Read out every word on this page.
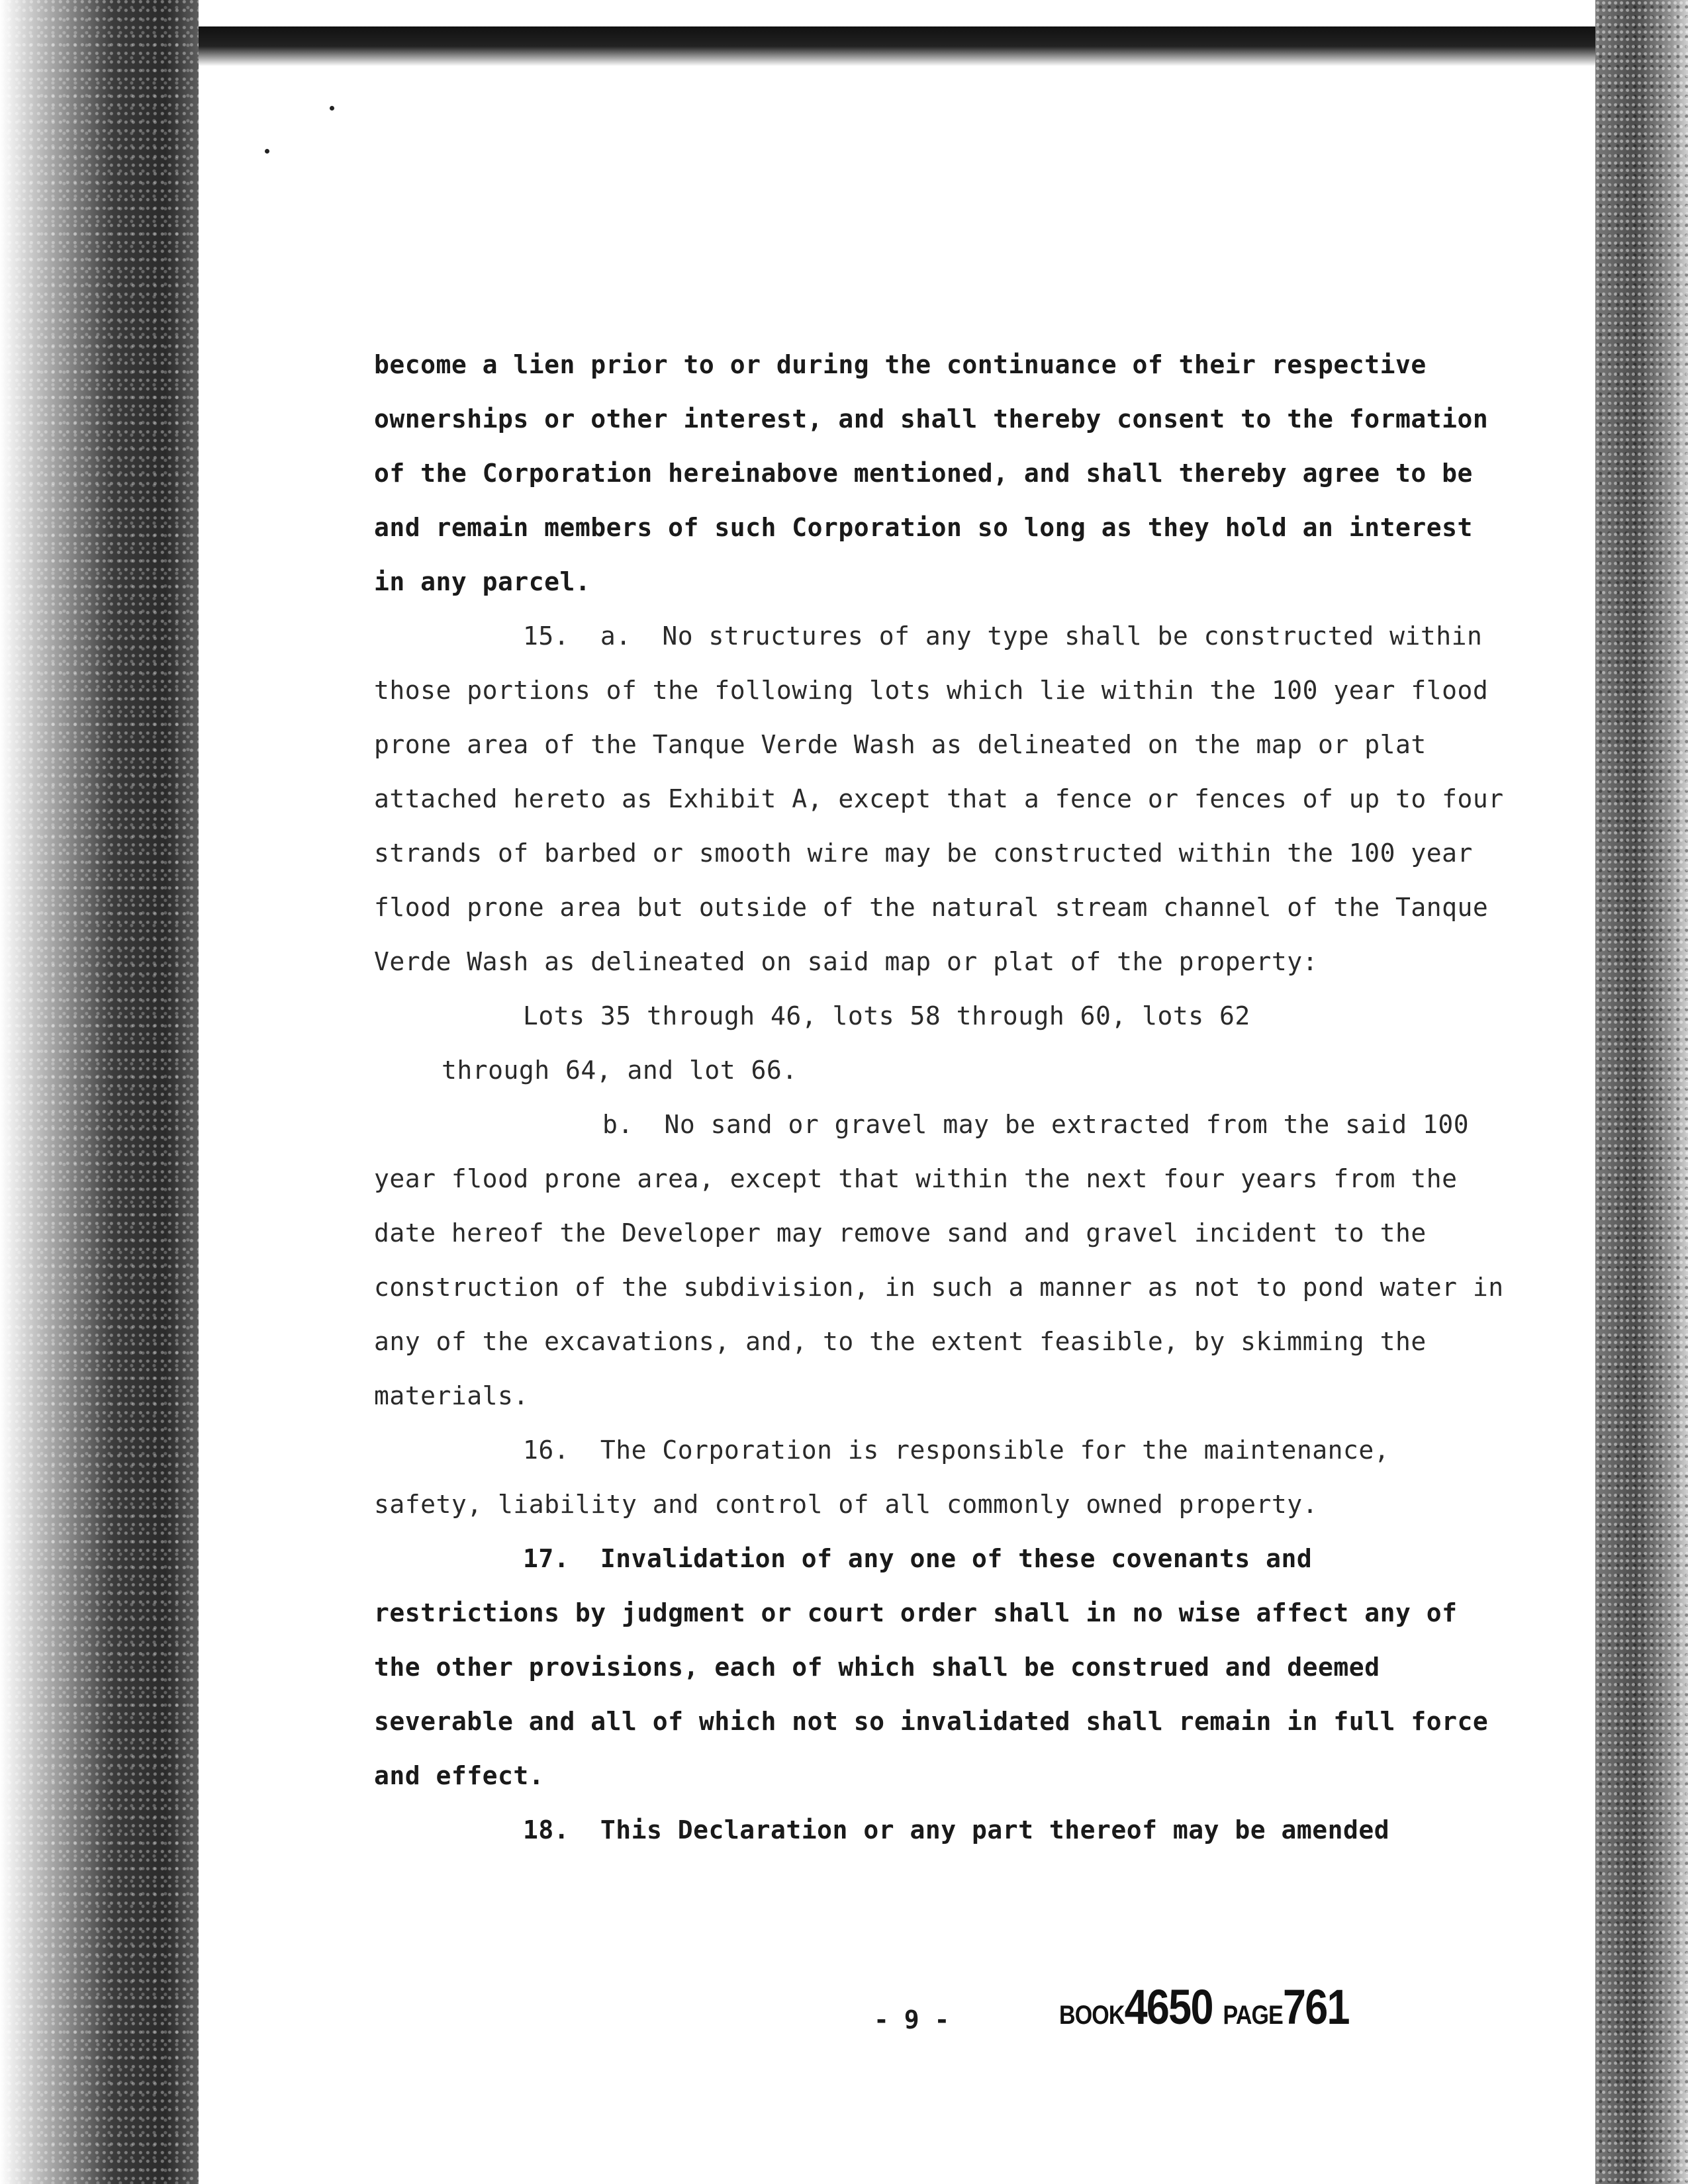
become a lien prior to or during the continuance of their respective ownerships or other interest, and shall thereby consent to the formation of the Corporation hereinabove mentioned, and shall thereby agree to be and remain members of such Corporation so long as they hold an interest in any parcel.

15.  a.  No structures of any type shall be constructed within those portions of the following lots which lie within the 100 year flood prone area of the Tanque Verde Wash as delineated on the map or plat attached hereto as Exhibit A, except that a fence or fences of up to four strands of barbed or smooth wire may be constructed within the 100 year flood prone area but outside of the natural stream channel of the Tanque Verde Wash as delineated on said map or plat of the property:

Lots 35 through 46, lots 58 through 60, lots 62

through 64, and lot 66.

b.  No sand or gravel may be extracted from the said 100 year flood prone area, except that within the next four years from the date hereof the Developer may remove sand and gravel incident to the construction of the subdivision, in such a manner as not to pond water in any of the excavations, and, to the extent feasible, by skimming the materials.

16.  The Corporation is responsible for the maintenance, safety, liability and control of all commonly owned property.

17.  Invalidation of any one of these covenants and restrictions by judgment or court order shall in no wise affect any of the other provisions, each of which shall be construed and deemed severable and all of which not so invalidated shall remain in full force and effect.

18.  This Declaration or any part thereof may be amended

- 9 -	BOOK4650 PAGE761
